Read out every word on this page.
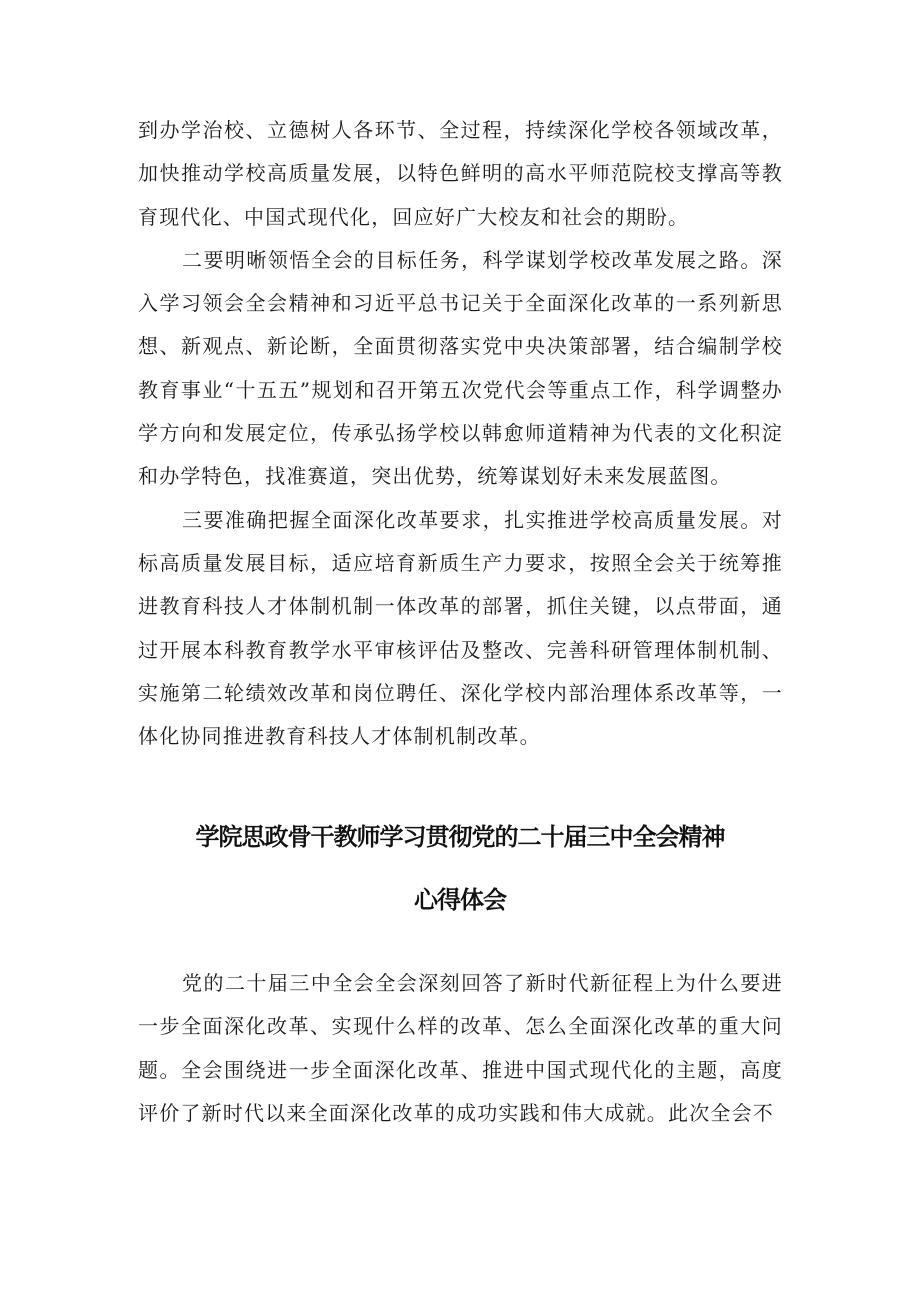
到办学治校、立德树人各环节、全过程，持续深化学校各领域改革，加快推动学校高质量发展，以特色鲜明的高水平师范院校支撑高等教育现代化、中国式现代化，回应好广大校友和社会的期盼。

二要明晰领悟全会的目标任务，科学谋划学校改革发展之路。深入学习领会全会精神和习近平总书记关于全面深化改革的一系列新思想、新观点、新论断，全面贯彻落实党中央决策部署，结合编制学校教育事业“十五五”规划和召开第五次党代会等重点工作，科学调整办学方向和发展定位，传承弘扬学校以韩愈师道精神为代表的文化积淀和办学特色，找准赛道，突出优势，统筹谋划好未来发展蓝图。

三要准确把握全面深化改革要求，扎实推进学校高质量发展。对标高质量发展目标，适应培育新质生产力要求，按照全会关于统筹推进教育科技人才体制机制一体改革的部署，抓住关键，以点带面，通过开展本科教育教学水平审核评估及整改、完善科研管理体制机制、实施第二轮绩效改革和岗位聘任、深化学校内部治理体系改革等，一体化协同推进教育科技人才体制机制改革。

学院思政骨干教师学习贯彻党的二十届三中全会精神
心得体会

党的二十届三中全会全会深刻回答了新时代新征程上为什么要进一步全面深化改革、实现什么样的改革、怎么全面深化改革的重大问题。全会围绕进一步全面深化改革、推进中国式现代化的主题，高度评价了新时代以来全面深化改革的成功实践和伟大成就。此次全会不
